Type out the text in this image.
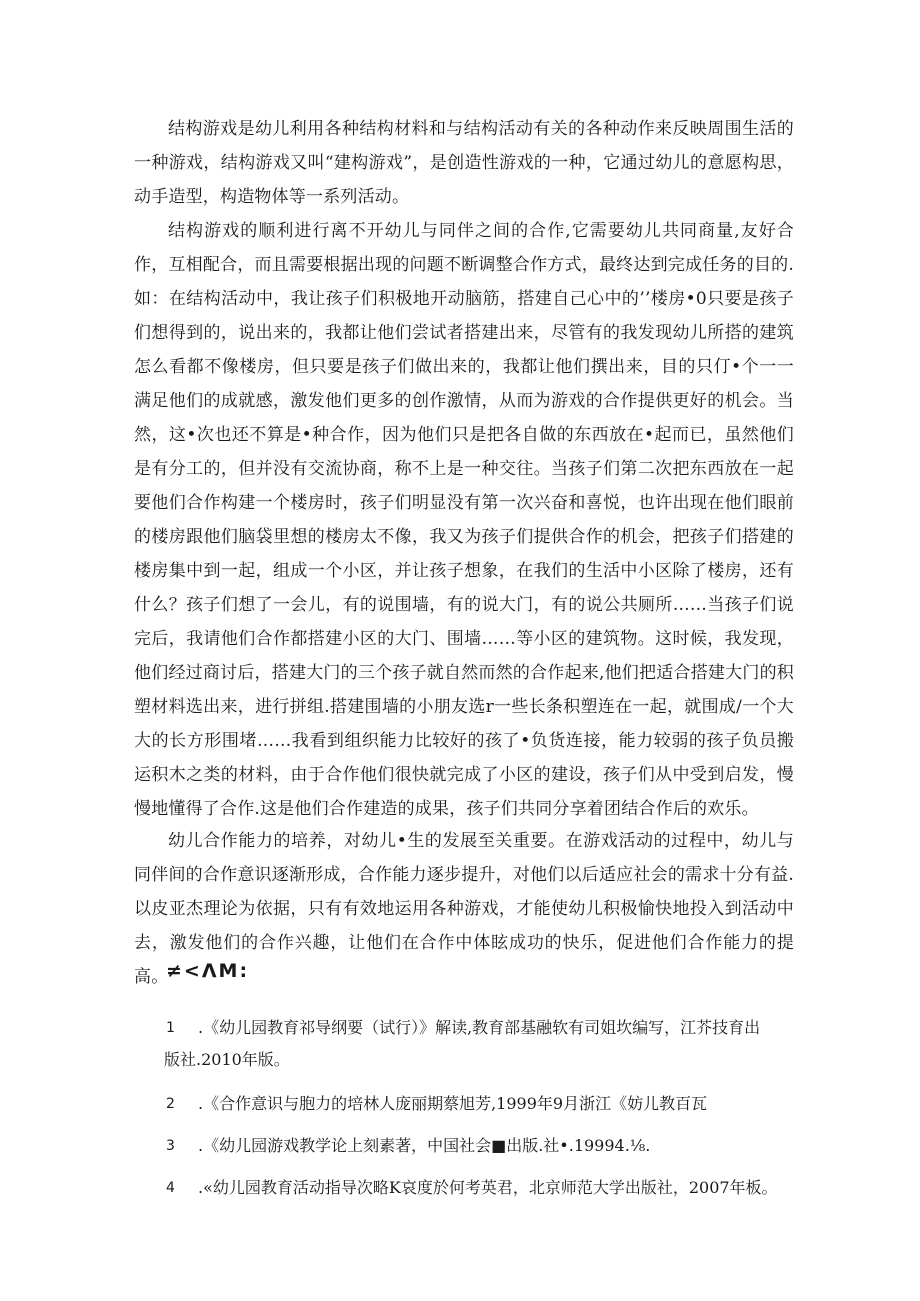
结构游戏是幼儿利用各种结构材料和与结构活动有关的各种动作来反映周围生活的一种游戏，结构游戏又叫“建构游戏”，是创造性游戏的一种，它通过幼儿的意愿构思，动手造型，构造物体等一系列活动。

结构游戏的顺利进行离不开幼儿与同伴之间的合作,它需要幼儿共同商量,友好合作，互相配合，而且需要根据出现的问题不断调整合作方式，最终达到完成任务的目的.如：在结构活动中，我让孩子们积极地开动脑筋，搭建自己心中的’’楼房•0只要是孩子们想得到的，说出来的，我都让他们尝试者搭建出来，尽管有的我发现幼儿所搭的建筑怎么看都不像楼房，但只要是孩子们做出来的，我都让他们撰出来，目的只仃•个一一满足他们的成就感，激发他们更多的创作激情，从而为游戏的合作提供更好的机会。当然，这•次也还不算是•种合作，因为他们只是把各自做的东西放在•起而已，虽然他们是有分工的，但并没有交流协商，称不上是一种交往。当孩子们第二次把东西放在一起要他们合作构建一个楼房时，孩子们明显没有第一次兴奋和喜悦，也许出现在他们眼前的楼房跟他们脑袋里想的楼房太不像，我又为孩子们提供合作的机会，把孩子们搭建的楼房集中到一起，组成一个小区，并让孩子想象，在我们的生活中小区除了楼房，还有什么？孩子们想了一会儿，有的说围墙，有的说大门，有的说公共厕所……当孩子们说完后，我请他们合作都搭建小区的大门、围墙……等小区的建筑物。这时候，我发现，他们经过商讨后，搭建大门的三个孩子就自然而然的合作起来,他们把适合搭建大门的积塑材料选出来，进行拼组.搭建围墙的小朋友选r一些长条积塑连在一起，就围成/一个大大的长方形围堵……我看到组织能力比较好的孩了•负货连接，能力较弱的孩子负员搬运积木之类的材料，由于合作他们很快就完成了小区的建设，孩子们从中受到启发，慢慢地懂得了合作.这是他们合作建造的成果，孩子们共同分享着团结合作后的欢乐。

幼儿合作能力的培养，对幼儿•生的发展至关重要。在游戏活动的过程中，幼儿与同伴间的合作意识逐渐形成，合作能力逐步提升，对他们以后适应社会的需求十分有益.以皮亚杰理论为依据，只有有效地运用各种游戏，才能使幼儿积极愉快地投入到活动中去，激发他们的合作兴趣，让他们在合作中体眩成功的快乐，促进他们合作能力的提高。

≠<ΛM:

1 .《幼儿园教育祁导纲要（试行）》解读,教育部基融软有司姐坎编写，江芥技育出
版社.2010年版。
2 .《合作意识与胞力的培林人庞丽期蔡旭芳,1999年9月浙江《妨儿教百瓦
3 .《幼儿园游戏教学论上刻素著，中国社会■出版.社•.19994.⅛.
4 .«幼儿园教育活动指导次略K哀度於何考英君，北京师范大学出版社，2007年板。
